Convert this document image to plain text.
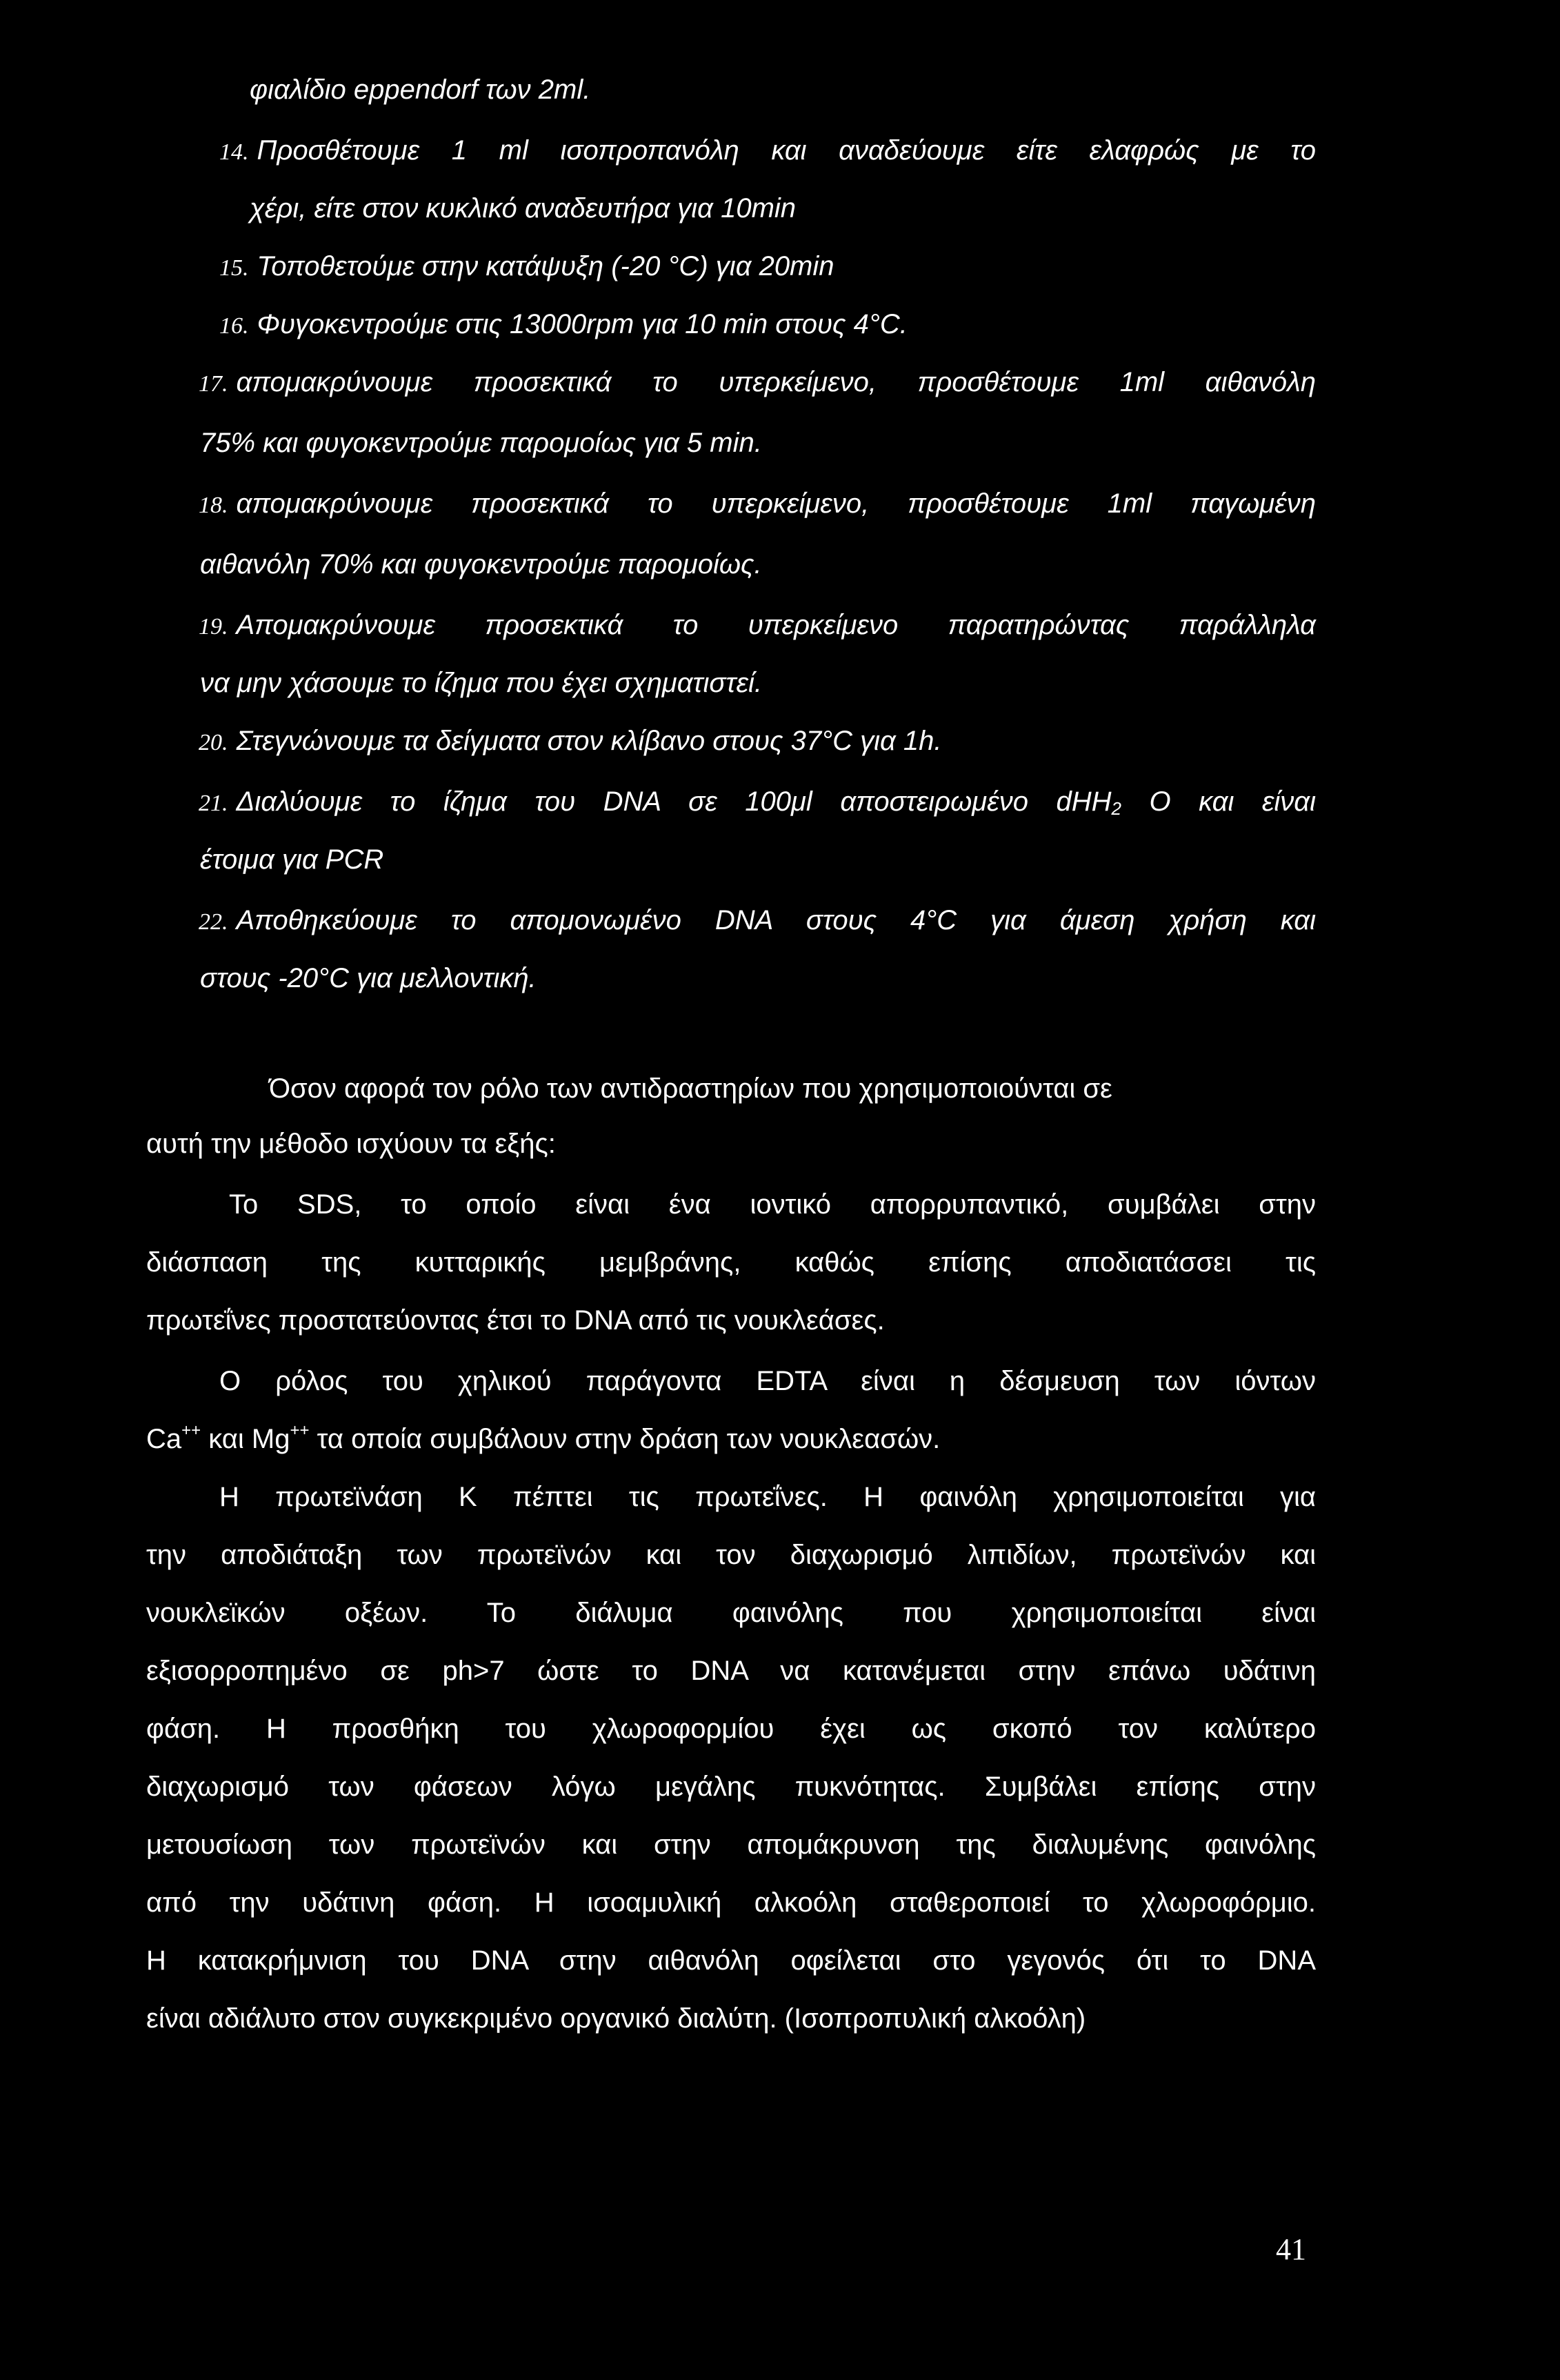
φιαλίδιο eppendorf των 2ml.
14. Προσθέτουμε 1 ml ισοπροπανόλη και αναδεύουμε είτε ελαφρώς με το
χέρι, είτε στον κυκλικό αναδευτήρα για 10min
15. Τοποθετούμε στην κατάψυξη (-20 °C) για 20min
16. Φυγοκεντρούμε στις 13000rpm για 10 min στους 4°C.
17. απομακρύνουμε προσεκτικά το υπερκείμενο, προσθέτουμε 1ml αιθανόλη
75% και φυγοκεντρούμε παρομοίως για 5 min.
18. απομακρύνουμε προσεκτικά το υπερκείμενο, προσθέτουμε 1ml παγωμένη
αιθανόλη 70% και φυγοκεντρούμε παρομοίως.
19. Απομακρύνουμε προσεκτικά το υπερκείμενο παρατηρώντας παράλληλα
να μην χάσουμε το ίζημα που έχει σχηματιστεί.
20. Στεγνώνουμε τα δείγματα στον κλίβανο στους 37°C για 1h.
21. Διαλύουμε το ίζημα του DNA σε 100μl αποστειρωμένο dHH$_2$ O και είναι
έτοιμα για PCR
22. Αποθηκεύουμε το απομονωμένο DNA στους 4°C για άμεση χρήση και
στους -20°C για μελλοντική.
Όσον αφορά τον ρόλο των αντιδραστηρίων που χρησιμοποιούνται σε
αυτή την μέθοδο ισχύουν τα εξής:
Το SDS, το οποίο είναι ένα ιοντικό απορρυπαντικό, συμβάλει στην
διάσπαση της κυτταρικής μεμβράνης, καθώς επίσης αποδιατάσσει τις
πρωτεΐνες προστατεύοντας έτσι το DNA από τις νουκλεάσες.
Ο ρόλος του χηλικού παράγοντα EDTA είναι η δέσμευση των ιόντων
Ca++ και Mg++ τα οποία συμβάλουν στην δράση των νουκλεασών.
Η πρωτεϊνάση Κ πέπτει τις πρωτεΐνες. Η φαινόλη χρησιμοποιείται για
την αποδιάταξη των πρωτεϊνών και τον διαχωρισμό λιπιδίων, πρωτεϊνών και
νουκλεϊκών οξέων. Το διάλυμα φαινόλης που χρησιμοποιείται είναι
εξισορροπημένο σε ph>7 ώστε το DNA να κατανέμεται στην επάνω υδάτινη
φάση. Η προσθήκη του χλωροφορμίου έχει ως σκοπό τον καλύτερο
διαχωρισμό των φάσεων λόγω μεγάλης πυκνότητας. Συμβάλει επίσης στην
μετουσίωση των πρωτεϊνών και στην απομάκρυνση της διαλυμένης φαινόλης
από την υδάτινη φάση. Η ισοαμυλική αλκοόλη σταθεροποιεί το χλωροφόρμιο.
Η κατακρήμνιση του DNA στην αιθανόλη οφείλεται στο γεγονός ότι το DNA
είναι αδιάλυτο στον συγκεκριμένο οργανικό διαλύτη. (Ισοπροπυλική αλκοόλη)
41
